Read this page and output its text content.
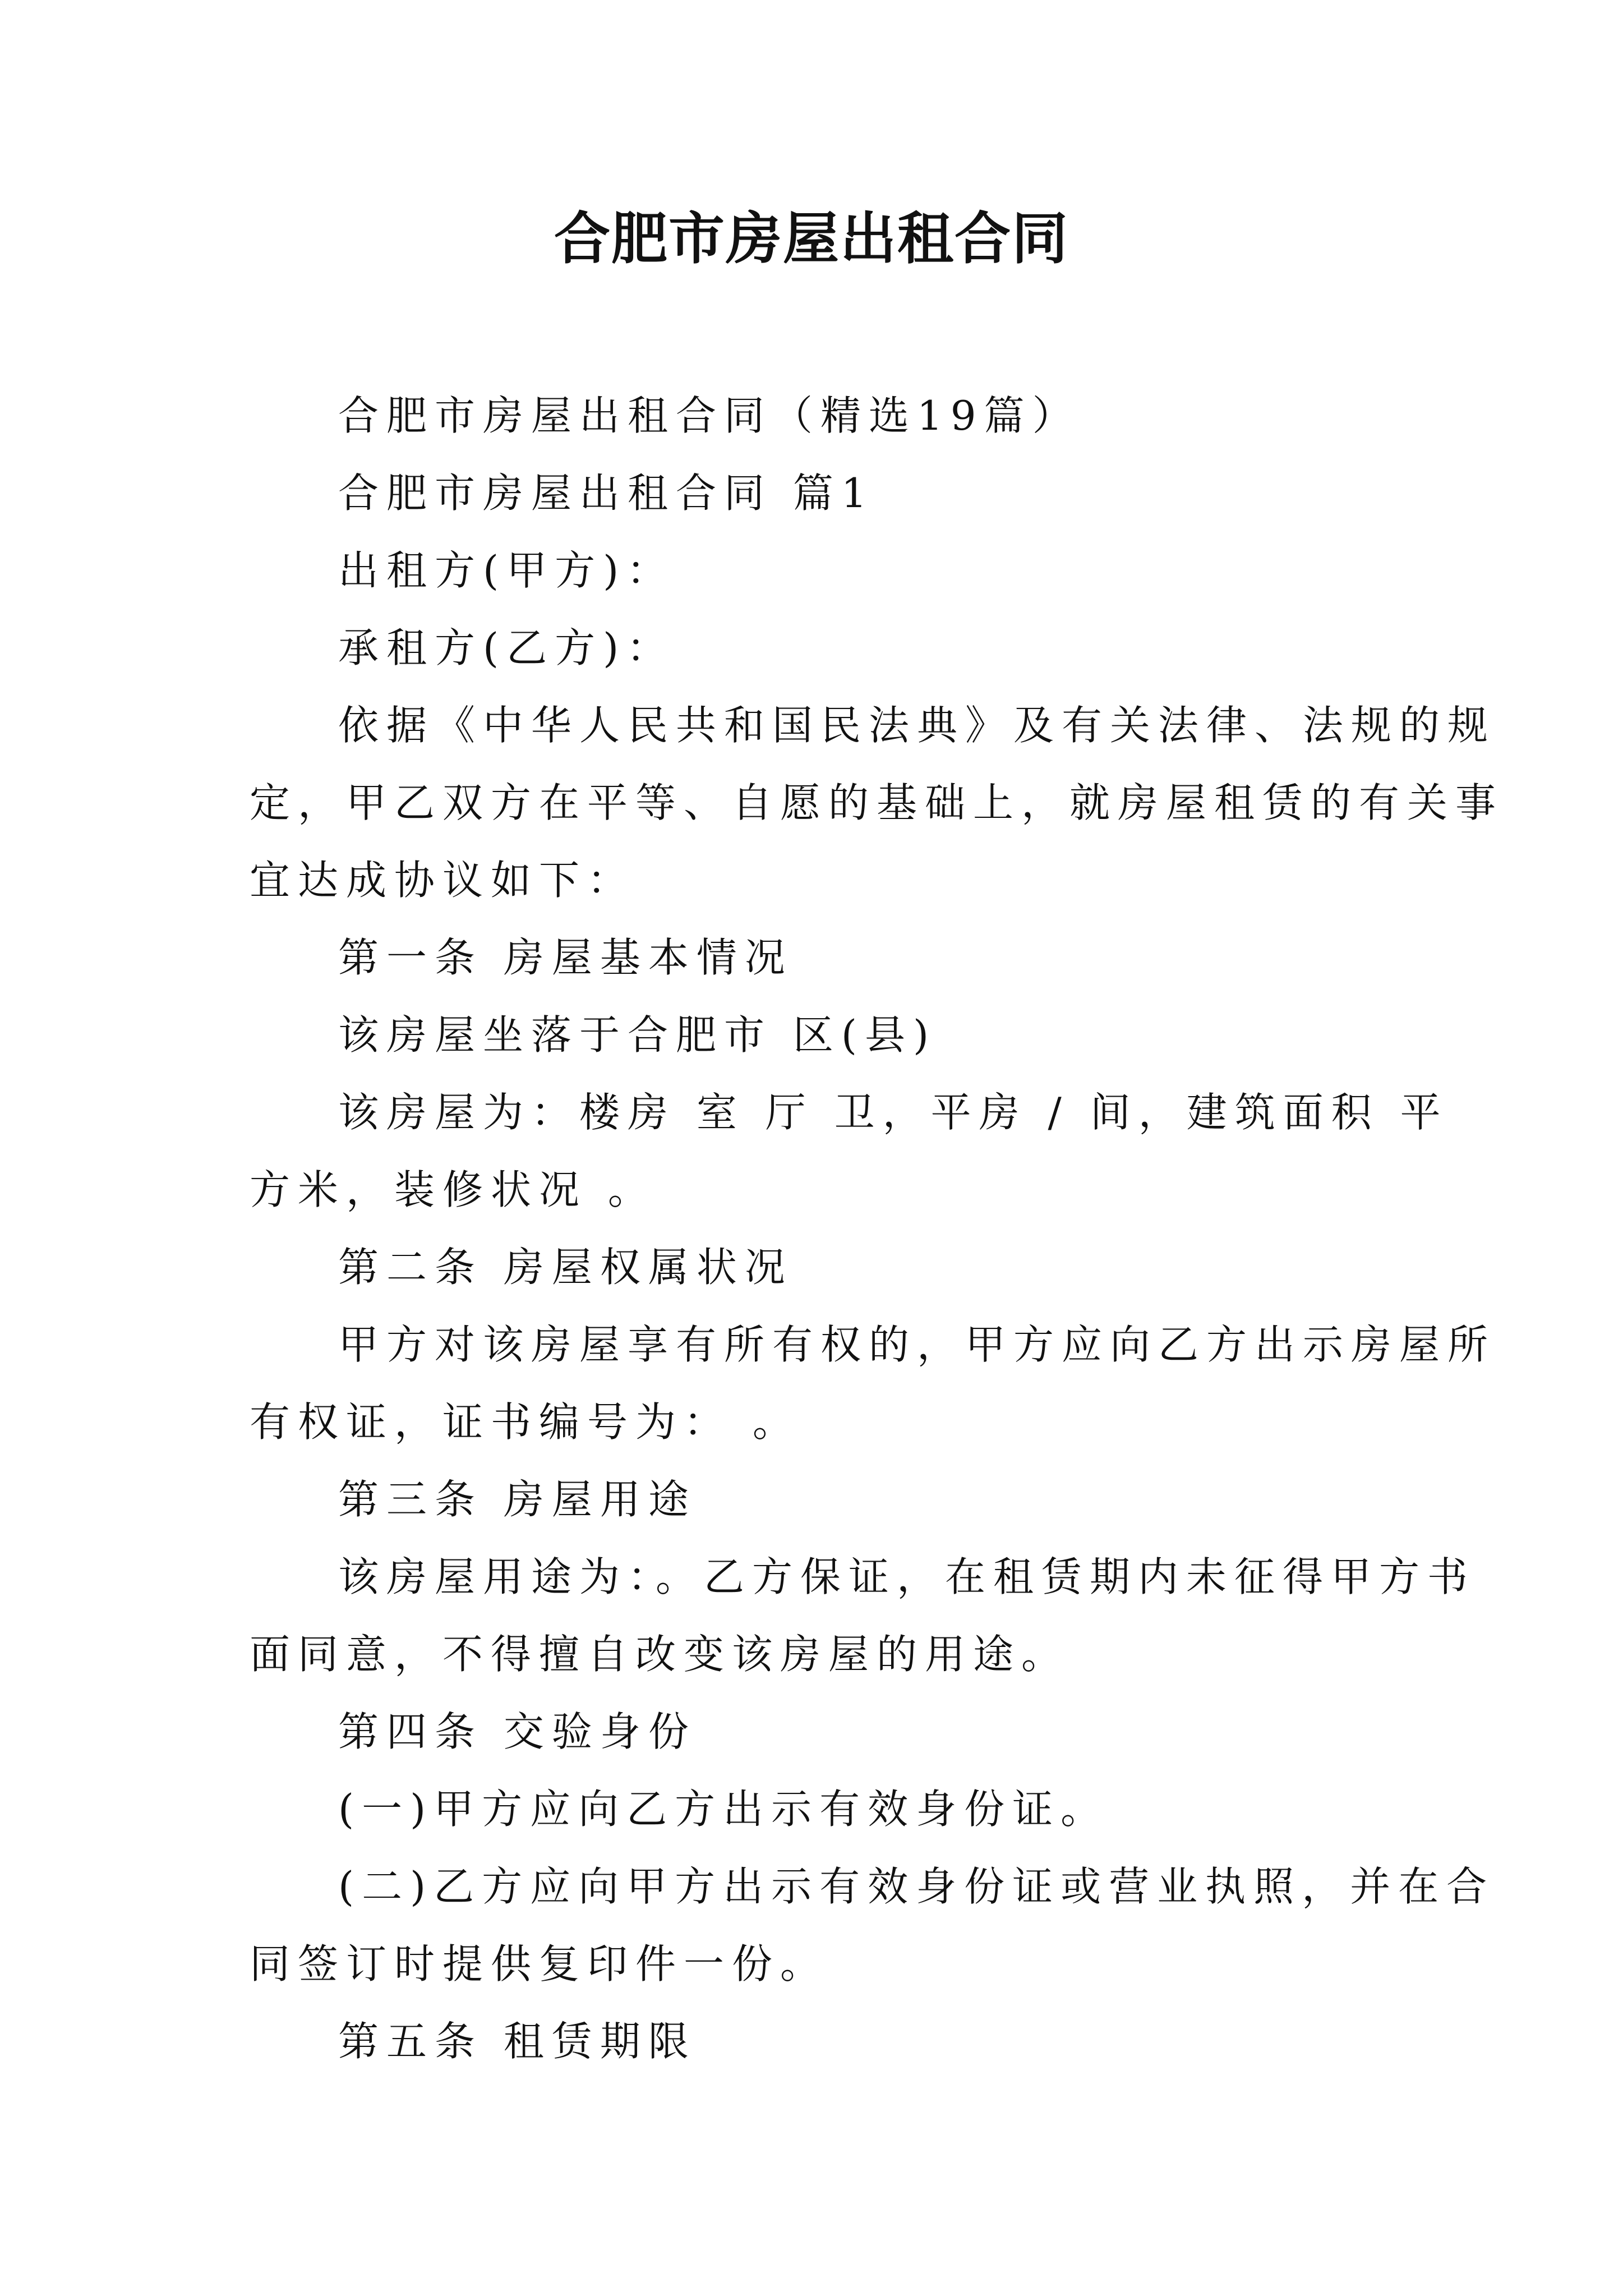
合肥市房屋出租合同

合肥市房屋出租合同（精选19篇）

合肥市房屋出租合同 篇1

出租方(甲方)：

承租方(乙方)：

依据《中华人民共和国民法典》及有关法律、法规的规

定，甲乙双方在平等、自愿的基础上，就房屋租赁的有关事

宜达成协议如下：

第一条 房屋基本情况

该房屋坐落于合肥市 区(县)

该房屋为：楼房 室 厅 卫，平房 / 间，建筑面积 平

方米，装修状况 。

第二条 房屋权属状况

甲方对该房屋享有所有权的，甲方应向乙方出示房屋所

有权证，证书编号为： 。

第三条 房屋用途

该房屋用途为：。乙方保证，在租赁期内未征得甲方书

面同意，不得擅自改变该房屋的用途。

第四条 交验身份

(一)甲方应向乙方出示有效身份证。

(二)乙方应向甲方出示有效身份证或营业执照，并在合

同签订时提供复印件一份。

第五条 租赁期限
